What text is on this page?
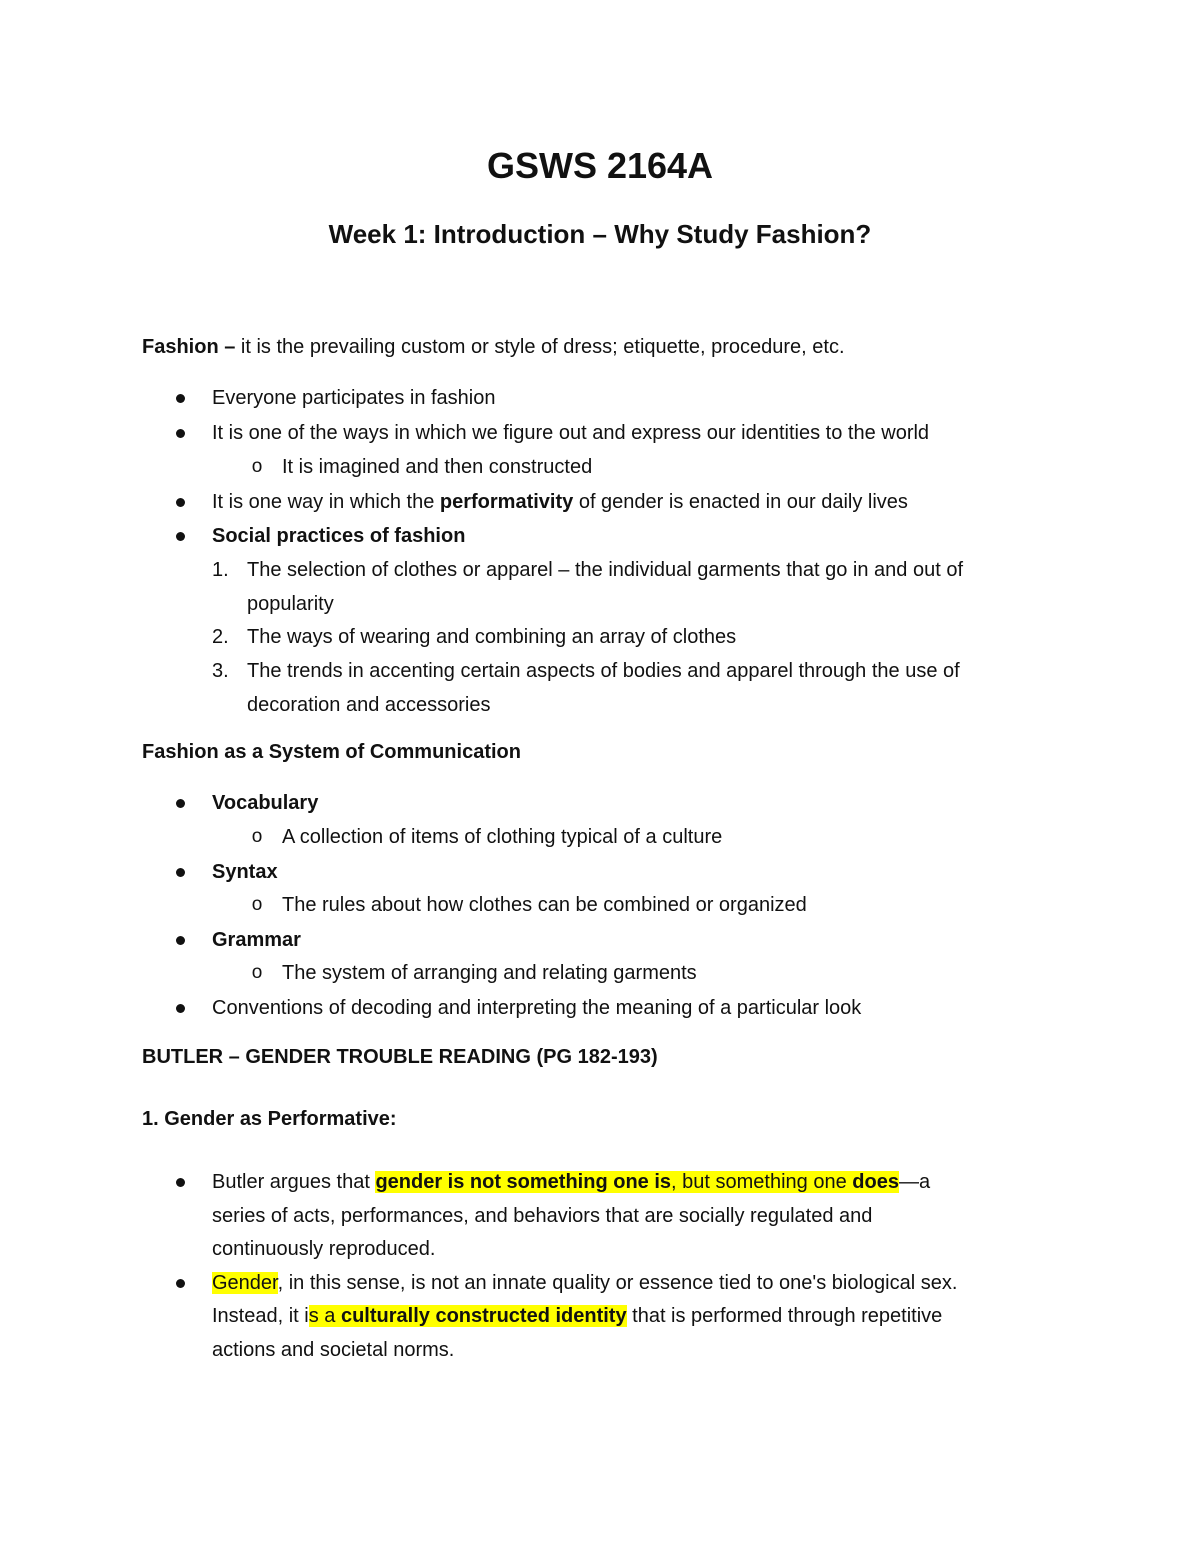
GSWS 2164A
Week 1: Introduction – Why Study Fashion?
Fashion – it is the prevailing custom or style of dress; etiquette, procedure, etc.
Everyone participates in fashion
It is one of the ways in which we figure out and express our identities to the world
o It is imagined and then constructed
It is one way in which the performativity of gender is enacted in our daily lives
Social practices of fashion
1. The selection of clothes or apparel – the individual garments that go in and out of
popularity
2. The ways of wearing and combining an array of clothes
3. The trends in accenting certain aspects of bodies and apparel through the use of
decoration and accessories
Fashion as a System of Communication
Vocabulary
o A collection of items of clothing typical of a culture
Syntax
o The rules about how clothes can be combined or organized
Grammar
o The system of arranging and relating garments
Conventions of decoding and interpreting the meaning of a particular look
BUTLER – GENDER TROUBLE READING (PG 182-193)
1. Gender as Performative:
Butler argues that gender is not something one is, but something one does—a
series of acts, performances, and behaviors that are socially regulated and
continuously reproduced.
Gender, in this sense, is not an innate quality or essence tied to one's biological sex.
Instead, it is a culturally constructed identity that is performed through repetitive
actions and societal norms.
